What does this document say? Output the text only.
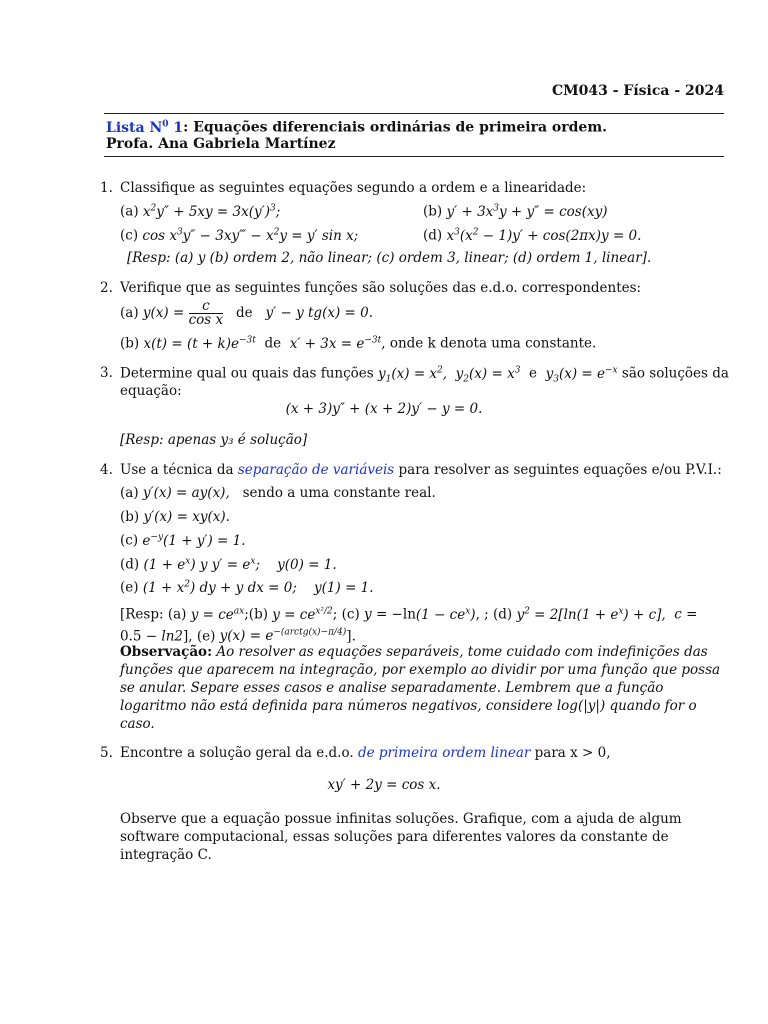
CM043 - Física - 2024
Lista $N^0$ 1: Equações diferenciais ordinárias de primeira ordem.
Profa. Ana Gabriela Martínez
1. Classifique as seguintes equações segundo a ordem e a linearidade:
(a) $x^2y'' + 5xy = 3x(y')^3$;	(b) $y' + 3x^3y + y'' = \cos(xy)$
(c) $\cos x^3y''$ − 3xy‴ − $x^2y = y'$ sin x;	(d) $x^3(x^2 - 1)y' + \cos(2\pi x)y = 0$.
[Resp: (a) y (b) ordem 2, não linear; (c) ordem 3, linear; (d) ordem 1, linear].
2. Verifique que as seguintes funções são soluções das e.d.o. correspondentes:
(a) $y(x) = \frac{c}{\text{cos x}}$ de y′ − y tg(x) = 0.
(b) $x(t) = (t + k)e^{-3t}$ de $x' + 3x = e^{-3t}$, onde k denota uma constante.
3. Determine qual ou quais das funções $y_1(x) = x^2$,  $y_2(x) = x^3$  e  $y_3(x) = e^{-x}$ são soluções da
equação:
(x + 3)y″ + (x + 2)y′ − y = 0.
[Resp: apenas y₃ é solução]
4. Use a técnica da separação de variáveis para resolver as seguintes equações e/ou P.V.I.:
(a) y′(x) = ay(x), sendo a uma constante real.
(b) y′(x) = xy(x).
(c) $e^{-y}(1 + y') = 1$.
(d) $(1 + e^x)$ y $y' = e^x$;    y(0) = 1.
(e) $(1 + x^2)$ dy + y dx = 0;    y(1) = 1.
[Resp: (a) $y = ce^{ax};(b) y = ce^{x^2/2}$; (c) $y = -\ln(1 - ce^x)$, ; (d) $y^2 = 2[\ln(1 + e^x) + c]$, c = 0.5 − ln2], (e) $y(x) = e^{-(arctg(x)-\pi/4)}$].
Observação: Ao resolver as equações separáveis, tome cuidado com indefinições das funções que aparecem na integração, por exemplo ao dividir por uma função que possa se anular. Separe esses casos e analise separadamente. Lembrem que a função logaritmo não está definida para números negativos, considere log(|y|) quando for o caso.
5. Encontre a solução geral da e.d.o. de primeira ordem linear para x > 0,
xy′ + 2y = cos x.
Observe que a equação possue infinitas soluções. Grafique, com a ajuda de algum software computacional, essas soluções para diferentes valores da constante de integração C.
